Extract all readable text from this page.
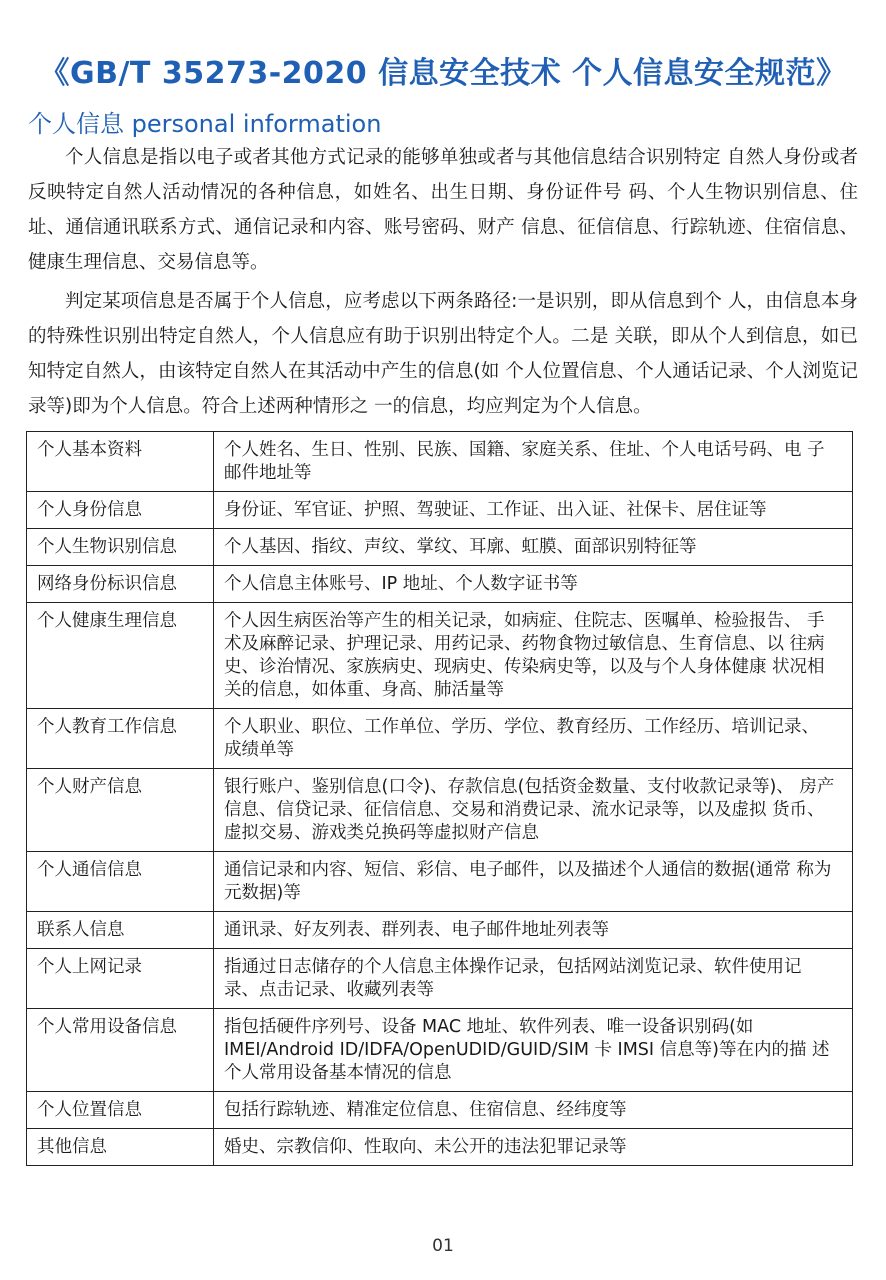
《GB/T 35273-2020 信息安全技术 个人信息安全规范》
个人信息 personal information

个人信息是指以电子或者其他方式记录的能够单独或者与其他信息结合识别特定 自然人身份或者反映特定自然人活动情况的各种信息，如姓名、出生日期、身份证件号 码、个人生物识别信息、住址、通信通讯联系方式、通信记录和内容、账号密码、财产 信息、征信信息、行踪轨迹、住宿信息、健康生理信息、交易信息等。

判定某项信息是否属于个人信息，应考虑以下两条路径:一是识别，即从信息到个 人，由信息本身的特殊性识别出特定自然人，个人信息应有助于识别出特定个人。二是 关联，即从个人到信息，如已知特定自然人，由该特定自然人在其活动中产生的信息(如 个人位置信息、个人通话记录、个人浏览记录等)即为个人信息。符合上述两种情形之 一的信息，均应判定为个人信息。

个人基本资料	个人姓名、生日、性别、民族、国籍、家庭关系、住址、个人电话号码、电 子邮件地址等
个人身份信息	身份证、军官证、护照、驾驶证、工作证、出入证、社保卡、居住证等
个人生物识别信息	个人基因、指纹、声纹、掌纹、耳廓、虹膜、面部识别特征等
网络身份标识信息	个人信息主体账号、IP 地址、个人数字证书等
个人健康生理信息	个人因生病医治等产生的相关记录，如病症、住院志、医嘱单、检验报告、 手术及麻醉记录、护理记录、用药记录、药物食物过敏信息、生育信息、以 往病史、诊治情况、家族病史、现病史、传染病史等，以及与个人身体健康 状况相关的信息，如体重、身高、肺活量等
个人教育工作信息	个人职业、职位、工作单位、学历、学位、教育经历、工作经历、培训记录、 成绩单等
个人财产信息	银行账户、鉴别信息(口令)、存款信息(包括资金数量、支付收款记录等)、 房产信息、信贷记录、征信信息、交易和消费记录、流水记录等，以及虚拟 货币、虚拟交易、游戏类兑换码等虚拟财产信息
个人通信信息	通信记录和内容、短信、彩信、电子邮件，以及描述个人通信的数据(通常 称为元数据)等
联系人信息	通讯录、好友列表、群列表、电子邮件地址列表等
个人上网记录	指通过日志储存的个人信息主体操作记录，包括网站浏览记录、软件使用记 录、点击记录、收藏列表等
个人常用设备信息	指包括硬件序列号、设备 MAC 地址、软件列表、唯一设备识别码(如 IMEI/Android ID/IDFA/OpenUDID/GUID/SIM 卡 IMSI 信息等)等在内的描 述个人常用设备基本情况的信息
个人位置信息	包括行踪轨迹、精准定位信息、住宿信息、经纬度等
其他信息	婚史、宗教信仰、性取向、未公开的违法犯罪记录等
01
